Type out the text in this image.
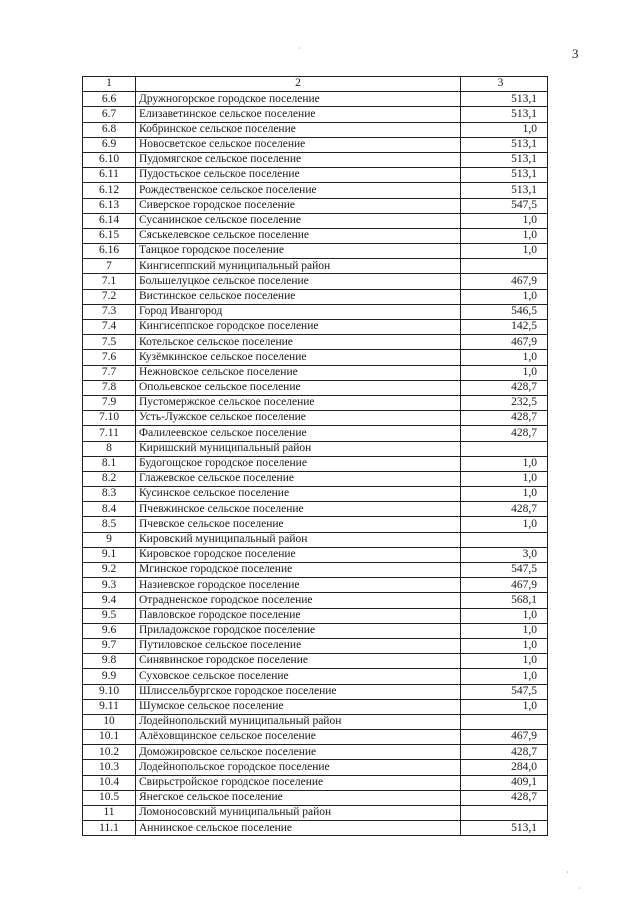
3
·
·
·
1	2	3
6.6	Дружногорское городское поселение	513,1
6.7	Елизаветинское сельское поселение	513,1
6.8	Кобринское сельское поселение	1,0
6.9	Новосветское сельское поселение	513,1
6.10	Пудомягское сельское поселение	513,1
6.11	Пудостьское сельское поселение	513,1
6.12	Рождественское сельское поселение	513,1
6.13	Сиверское городское поселение	547,5
6.14	Сусанинское сельское поселение	1,0
6.15	Сяськелевское сельское поселение	1,0
6.16	Таицкое городское поселение	1,0
7	Кингисеппский муниципальный район	
7.1	Большелуцкое сельское поселение	467,9
7.2	Вистинское сельское поселение	1,0
7.3	Город Ивангород	546,5
7.4	Кингисеппское городское поселение	142,5
7.5	Котельское сельское поселение	467,9
7.6	Кузёмкинское сельское поселение	1,0
7.7	Нежновское сельское поселение	1,0
7.8	Опольевское сельское поселение	428,7
7.9	Пустомержское сельское поселение	232,5
7.10	Усть-Лужское сельское поселение	428,7
7.11	Фалилеевское сельское поселение	428,7
8	Киришский муниципальный район	
8.1	Будогощское городское поселение	1,0
8.2	Глажевское сельское поселение	1,0
8.3	Кусинское сельское поселение	1,0
8.4	Пчевжинское сельское поселение	428,7
8.5	Пчевское сельское поселение	1,0
9	Кировский муниципальный район	
9.1	Кировское городское поселение	3,0
9.2	Мгинское городское поселение	547,5
9.3	Назиевское городское поселение	467,9
9.4	Отрадненское городское поселение	568,1
9.5	Павловское городское поселение	1,0
9.6	Приладожское городское поселение	1,0
9.7	Путиловское сельское поселение	1,0
9.8	Синявинское городское поселение	1,0
9.9	Суховское сельское поселение	1,0
9.10	Шлиссельбургское городское поселение	547,5
9.11	Шумское сельское поселение	1,0
10	Лодейнопольский муниципальный район	
10.1	Алёховщинское сельское поселение	467,9
10.2	Доможировское сельское поселение	428,7
10.3	Лодейнопольское городское поселение	284,0
10.4	Свирьстройское городское поселение	409,1
10.5	Янегское сельское поселение	428,7
11	Ломоносовский муниципальный район	
11.1	Аннинское сельское поселение	513,1
